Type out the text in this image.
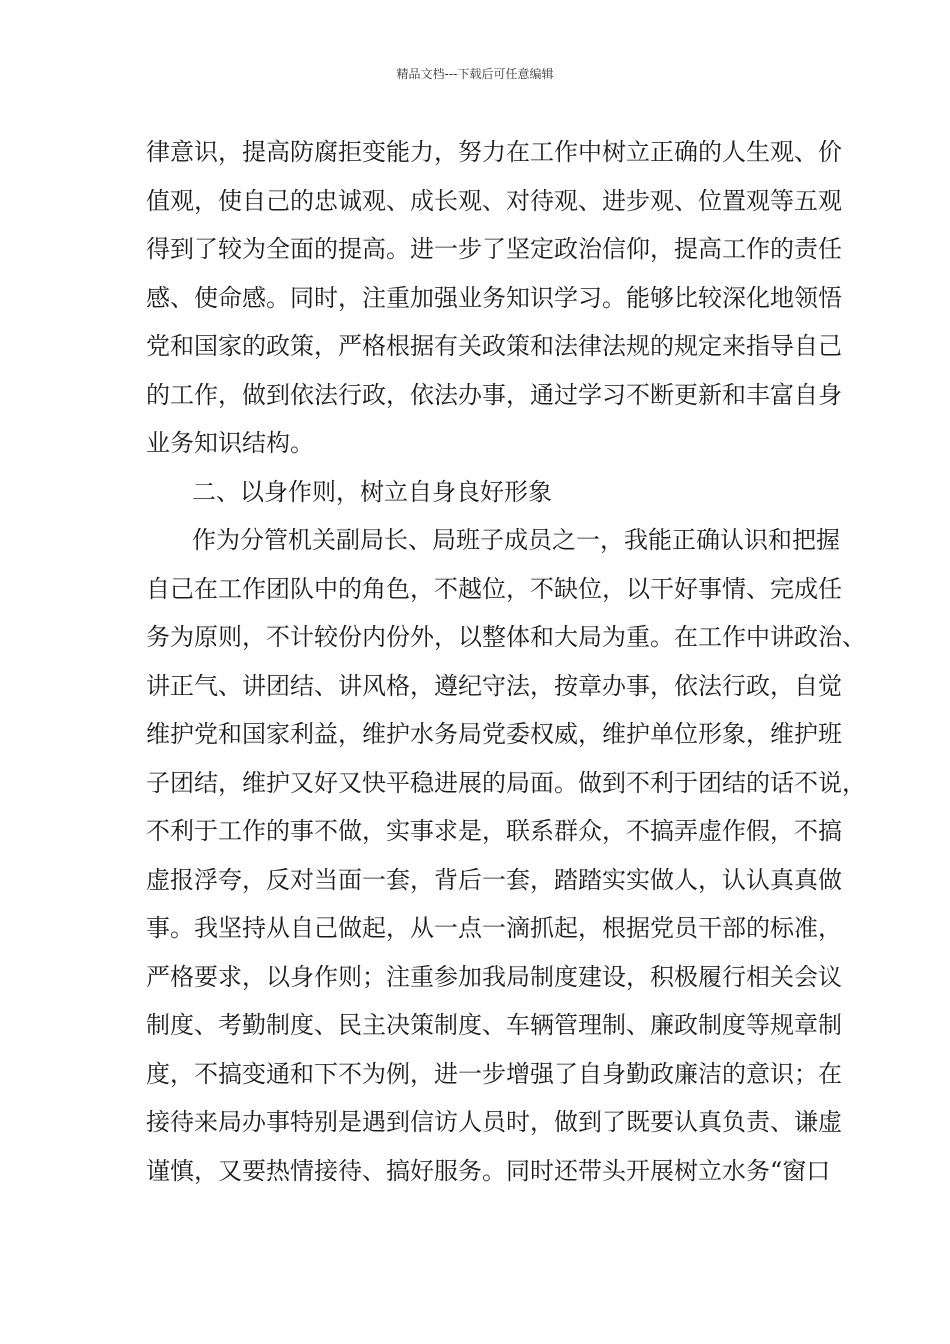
精品文档---下载后可任意编辑
律意识，提高防腐拒变能力，努力在工作中树立正确的人生观、价
值观，使自己的忠诚观、成长观、对待观、进步观、位置观等五观
得到了较为全面的提高。进一步了坚定政治信仰，提高工作的责任
感、使命感。同时，注重加强业务知识学习。能够比较深化地领悟
党和国家的政策，严格根据有关政策和法律法规的规定来指导自己
的工作，做到依法行政，依法办事，通过学习不断更新和丰富自身
业务知识结构。
二、以身作则，树立自身良好形象
作为分管机关副局长、局班子成员之一，我能正确认识和把握
自己在工作团队中的角色，不越位，不缺位，以干好事情、完成任
务为原则，不计较份内份外，以整体和大局为重。在工作中讲政治、
讲正气、讲团结、讲风格，遵纪守法，按章办事，依法行政，自觉
维护党和国家利益，维护水务局党委权威，维护单位形象，维护班
子团结，维护又好又快平稳进展的局面。做到不利于团结的话不说，
不利于工作的事不做，实事求是，联系群众，不搞弄虚作假，不搞
虚报浮夸，反对当面一套，背后一套，踏踏实实做人，认认真真做
事。我坚持从自己做起，从一点一滴抓起，根据党员干部的标准，
严格要求，以身作则；注重参加我局制度建设，积极履行相关会议
制度、考勤制度、民主决策制度、车辆管理制、廉政制度等规章制
度，不搞变通和下不为例，进一步增强了自身勤政廉洁的意识；在
接待来局办事特别是遇到信访人员时，做到了既要认真负责、谦虚
谨慎，又要热情接待、搞好服务。同时还带头开展树立水务“窗口
